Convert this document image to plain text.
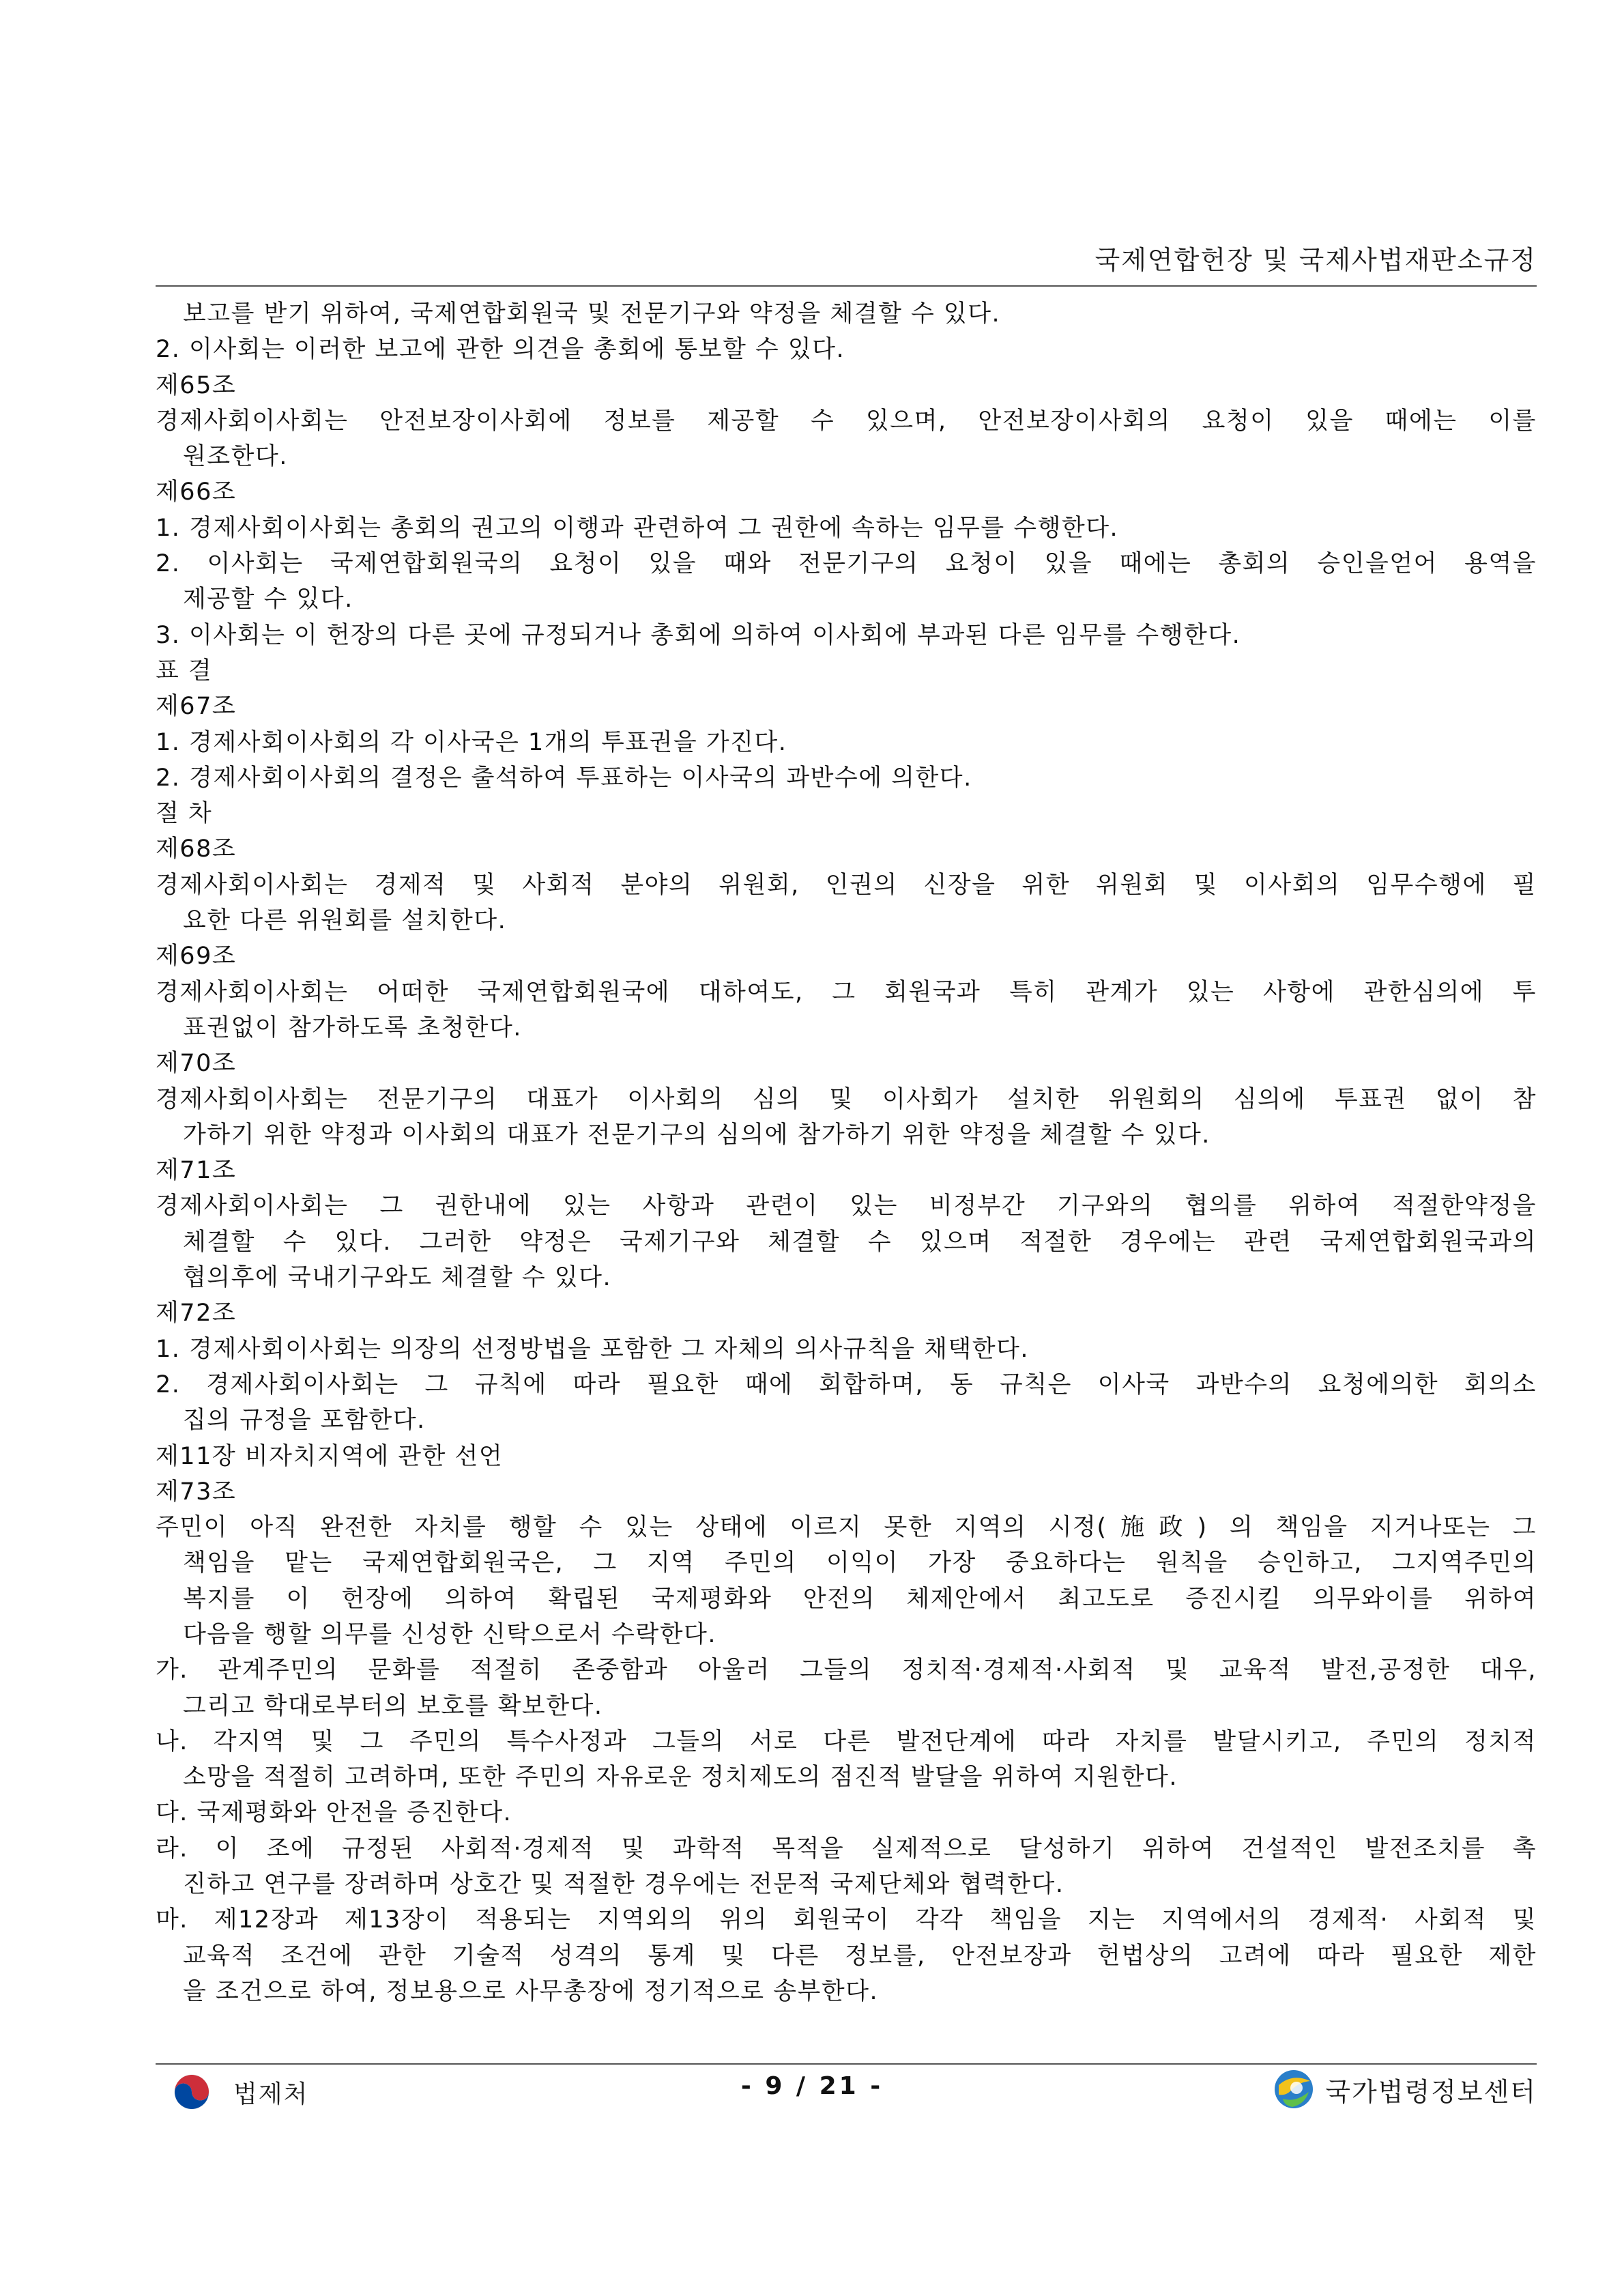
국제연합헌장 및 국제사법재판소규정
보고를 받기 위하여, 국제연합회원국 및 전문기구와 약정을 체결할 수 있다.
2. 이사회는 이러한 보고에 관한 의견을 총회에 통보할 수 있다.
제65조
경제사회이사회는 안전보장이사회에 정보를 제공할 수 있으며, 안전보장이사회의 요청이 있을 때에는 이를
원조한다.
제66조
1. 경제사회이사회는 총회의 권고의 이행과 관련하여 그 권한에 속하는 임무를 수행한다.
2. 이사회는 국제연합회원국의 요청이 있을 때와 전문기구의 요청이 있을 때에는 총회의 승인을얻어 용역을
제공할 수 있다.
3. 이사회는 이 헌장의 다른 곳에 규정되거나 총회에 의하여 이사회에 부과된 다른 임무를 수행한다.
표 결
제67조
1. 경제사회이사회의 각 이사국은 1개의 투표권을 가진다.
2. 경제사회이사회의 결정은 출석하여 투표하는 이사국의 과반수에 의한다.
절 차
제68조
경제사회이사회는 경제적 및 사회적 분야의 위원회, 인권의 신장을 위한 위원회 및 이사회의 임무수행에 필
요한 다른 위원회를 설치한다.
제69조
경제사회이사회는 어떠한 국제연합회원국에 대하여도, 그 회원국과 특히 관계가 있는 사항에 관한심의에 투
표권없이 참가하도록 초청한다.
제70조
경제사회이사회는 전문기구의 대표가 이사회의 심의 및 이사회가 설치한 위원회의 심의에 투표권 없이 참
가하기 위한 약정과 이사회의 대표가 전문기구의 심의에 참가하기 위한 약정을 체결할 수 있다.
제71조
경제사회이사회는 그 권한내에 있는 사항과 관련이 있는 비정부간 기구와의 협의를 위하여 적절한약정을
체결할 수 있다. 그러한 약정은 국제기구와 체결할 수 있으며 적절한 경우에는 관련 국제연합회원국과의
협의후에 국내기구와도 체결할 수 있다.
제72조
1. 경제사회이사회는 의장의 선정방법을 포함한 그 자체의 의사규칙을 채택한다.
2. 경제사회이사회는 그 규칙에 따라 필요한 때에 회합하며, 동 규칙은 이사국 과반수의 요청에의한 회의소
집의 규정을 포함한다.
제11장 비자치지역에 관한 선언
제73조
주민이 아직 완전한 자치를 행할 수 있는 상태에 이르지 못한 지역의 시정(施政) 의 책임을 지거나또는 그
책임을 맡는 국제연합회원국은, 그 지역 주민의 이익이 가장 중요하다는 원칙을 승인하고, 그지역주민의
복지를 이 헌장에 의하여 확립된 국제평화와 안전의 체제안에서 최고도로 증진시킬 의무와이를 위하여
다음을 행할 의무를 신성한 신탁으로서 수락한다.
가. 관계주민의 문화를 적절히 존중함과 아울러 그들의 정치적·경제적·사회적 및 교육적 발전,공정한 대우,
그리고 학대로부터의 보호를 확보한다.
나. 각지역 및 그 주민의 특수사정과 그들의 서로 다른 발전단계에 따라 자치를 발달시키고, 주민의 정치적
소망을 적절히 고려하며, 또한 주민의 자유로운 정치제도의 점진적 발달을 위하여 지원한다.
다. 국제평화와 안전을 증진한다.
라. 이 조에 규정된 사회적·경제적 및 과학적 목적을 실제적으로 달성하기 위하여 건설적인 발전조치를 촉
진하고 연구를 장려하며 상호간 및 적절한 경우에는 전문적 국제단체와 협력한다.
마. 제12장과 제13장이 적용되는 지역외의 위의 회원국이 각각 책임을 지는 지역에서의 경제적· 사회적 및
교육적 조건에 관한 기술적 성격의 통계 및 다른 정보를, 안전보장과 헌법상의 고려에 따라 필요한 제한
을 조건으로 하여, 정보용으로 사무총장에 정기적으로 송부한다.
법제처	- 9 / 21 -	국가법령정보센터
